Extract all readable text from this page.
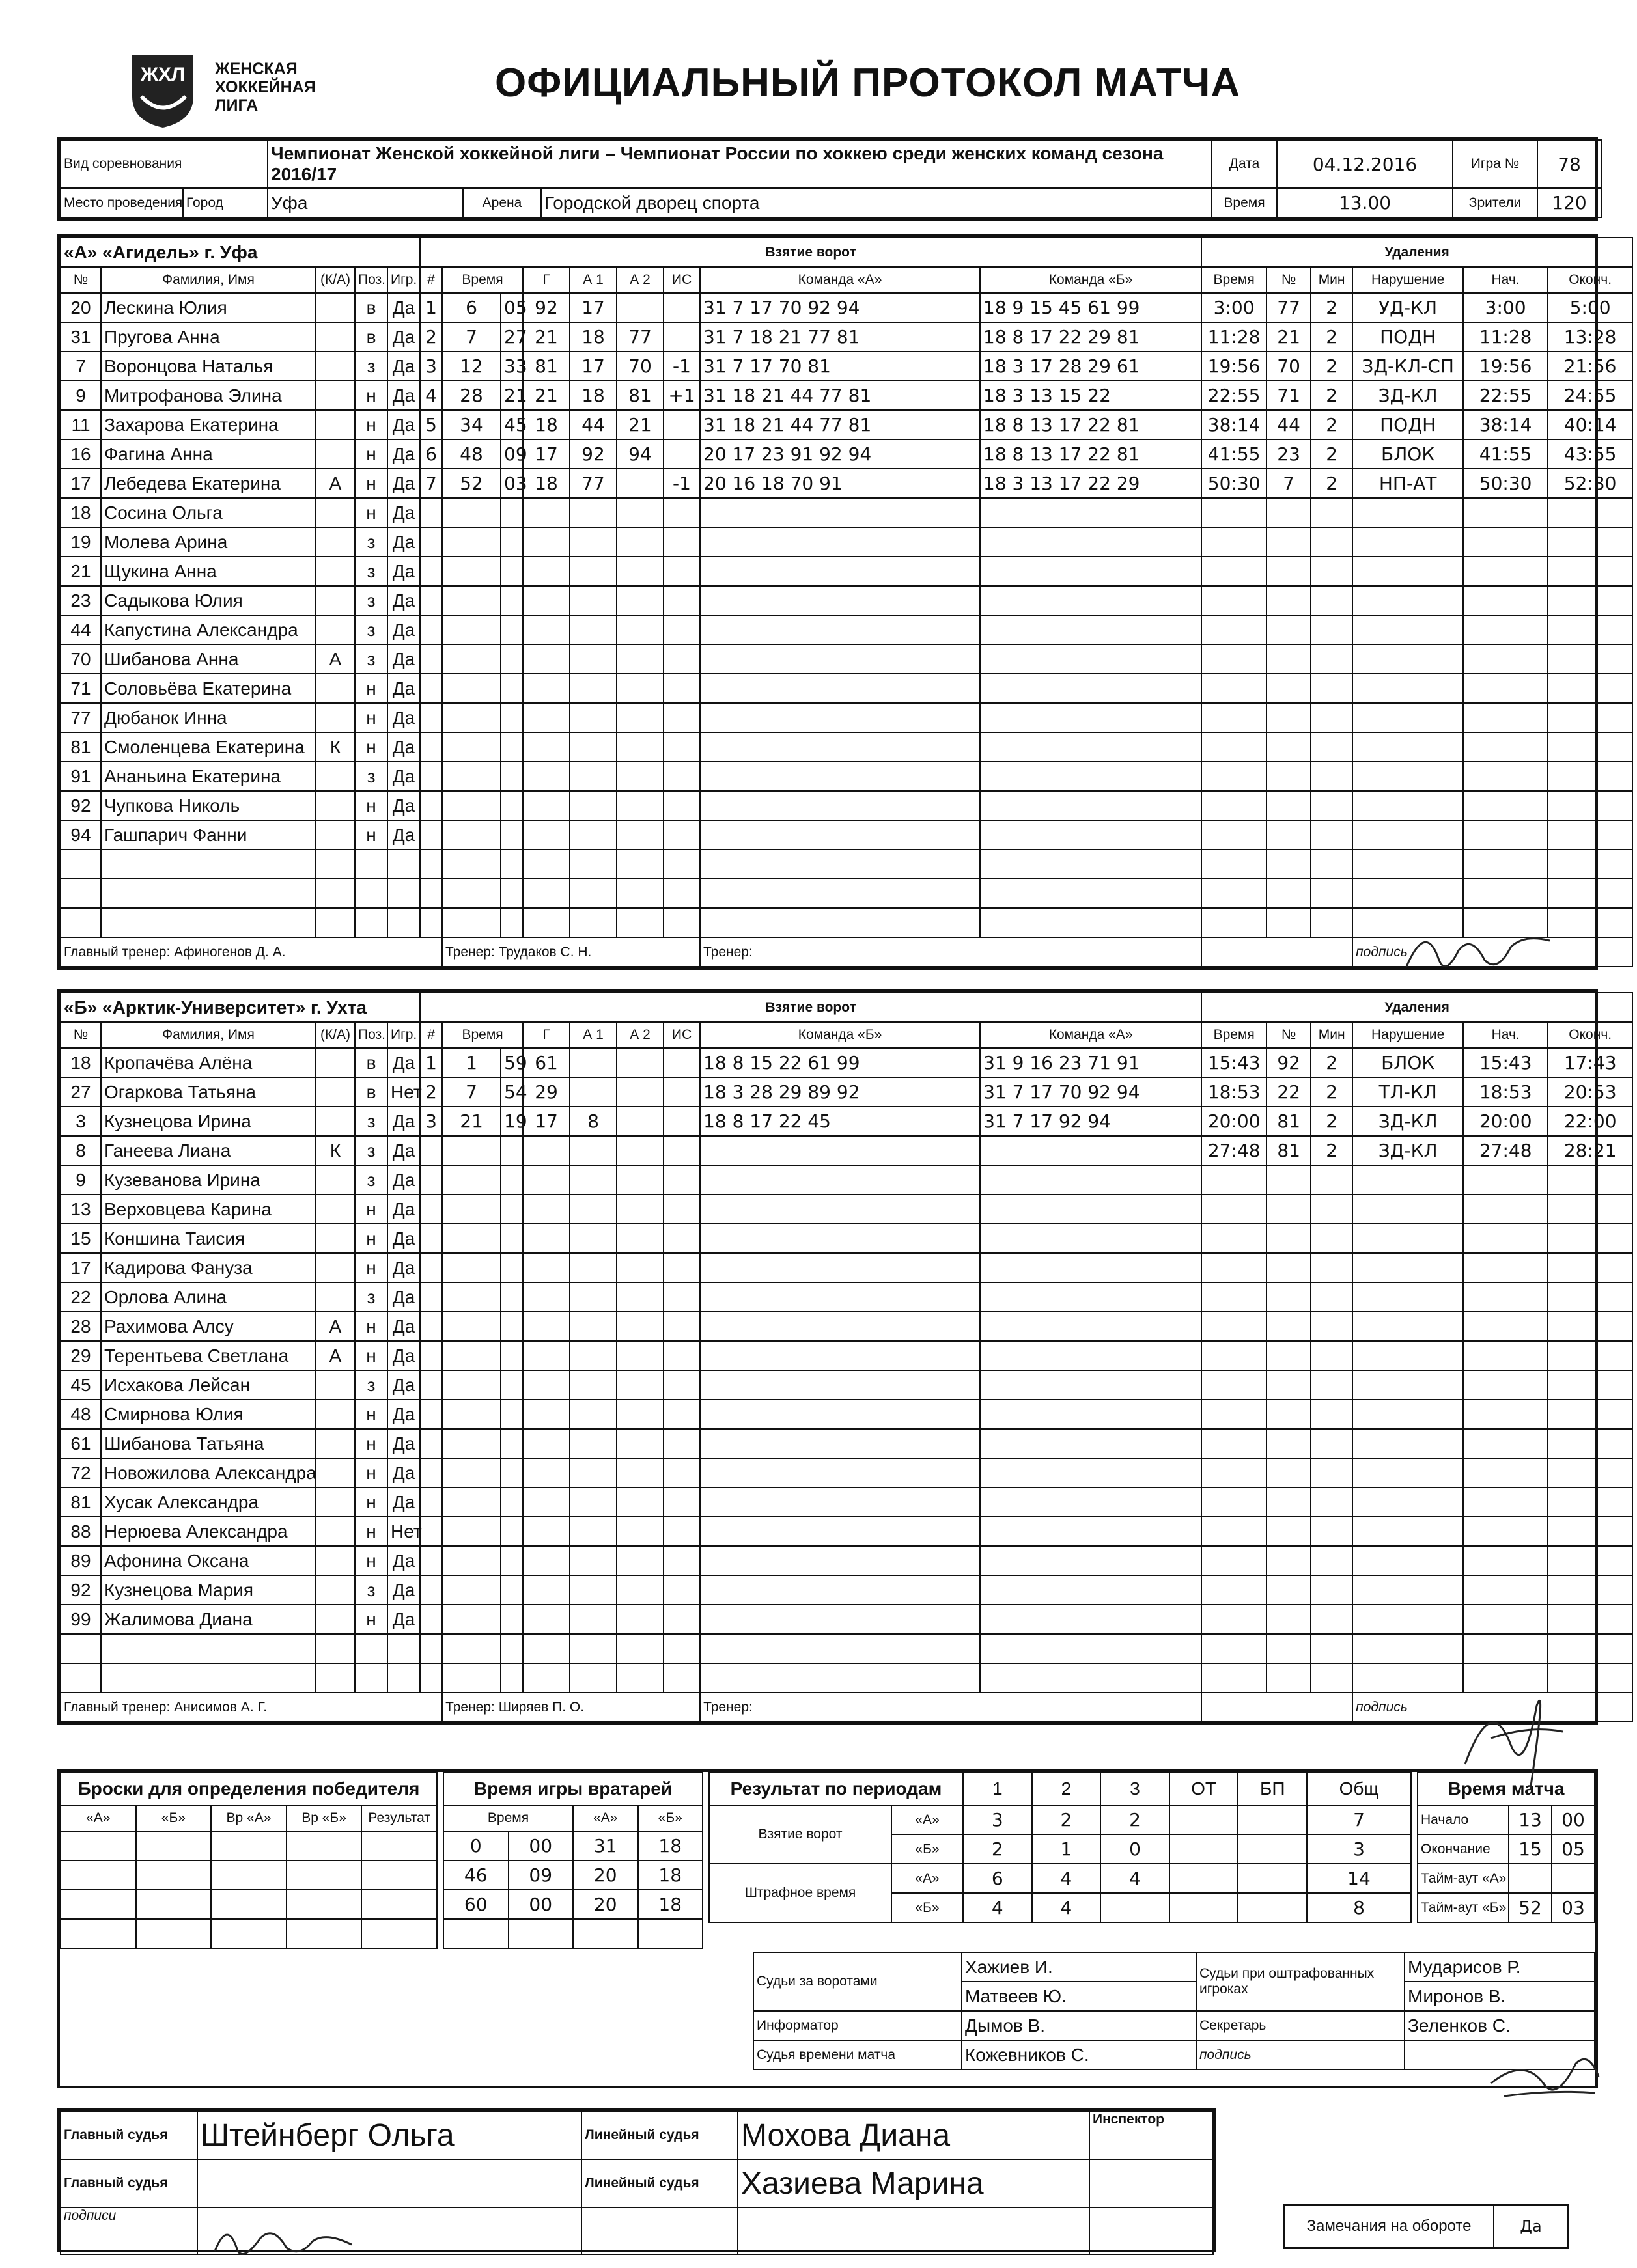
ЖХЛ ЖЕНСКАЯ
ХОККЕЙНАЯ
ЛИГА	ОФИЦИАЛЬНЫЙ ПРОТОКОЛ МАТЧА
Вид соревнования		Чемпионат Женской хоккейной лиги – Чемпионат России по хоккею среди женских команд сезона 2016/17			Дата	04.12.2016	Игра №	78
Место проведения	Город	Уфа	Арена	Городской дворец спорта	Время	13.00	Зрители	120
«А» «Агидель» г. Уфа					Взятие ворот									Удаления					
№	Фамилия, Имя	(К/А)	Поз.	Игр.	#	Время		Г	А 1	А 2	ИС	Команда «А»	Команда «Б»	Время	№	Мин	Нарушение	Нач.	Оконч.
20	Лескина Юлия		в	Да	1	6	05	92	17			31 7 17 70 92 94	18 9 15 45 61 99	3:00	77	2	УД-КЛ	3:00	5:00
31	Пругова Анна		в	Да	2	7	27	21	18	77		31 7 18 21 77 81	18 8 17 22 29 81	11:28	21	2	ПОДН	11:28	13:28
7	Воронцова Наталья		з	Да	3	12	33	81	17	70	-1	31 7 17 70 81	18 3 17 28 29 61	19:56	70	2	ЗД-КЛ-СП	19:56	21:56
9	Митрофанова Элина		н	Да	4	28	21	21	18	81	+1	31 18 21 44 77 81	18 3 13 15 22	22:55	71	2	ЗД-КЛ	22:55	24:55
11	Захарова Екатерина		н	Да	5	34	45	18	44	21		31 18 21 44 77 81	18 8 13 17 22 81	38:14	44	2	ПОДН	38:14	40:14
16	Фагина Анна		н	Да	6	48	09	17	92	94		20 17 23 91 92 94	18 8 13 17 22 81	41:55	23	2	БЛОК	41:55	43:55
17	Лебедева Екатерина	А	н	Да	7	52	03	18	77		-1	20 16 18 70 91	18 3 13 17 22 29	50:30	7	2	НП-АТ	50:30	52:30
18	Сосина Ольга		н	Да															
19	Молева Арина		з	Да															
21	Щукина Анна		з	Да															
23	Садыкова Юлия		з	Да															
44	Капустина Александра		з	Да															
70	Шибанова Анна	А	з	Да															
71	Соловьёва Екатерина		н	Да															
77	Дюбанок Инна		н	Да															
81	Смоленцева Екатерина	К	н	Да															
91	Ананьина Екатерина		з	Да															
92	Чупкова Николь		н	Да															
94	Гашпарич Фанни		н	Да															

Главный тренер: Афиногенов Д. А.						Тренер: Трудаков С. Н.						Тренер:					подпись		
«Б» «Арктик-Университет» г. Ухта					Взятие ворот									Удаления					
№	Фамилия, Имя	(К/А)	Поз.	Игр.	#	Время		Г	А 1	А 2	ИС	Команда «Б»	Команда «А»	Время	№	Мин	Нарушение	Нач.	Оконч.
18	Кропачёва Алёна		в	Да	1	1	59	61				18 8 15 22 61 99	31 9 16 23 71 91	15:43	92	2	БЛОК	15:43	17:43
27	Огаркова Татьяна		в	Нет	2	7	54	29				18 3 28 29 89 92	31 7 17 70 92 94	18:53	22	2	ТЛ-КЛ	18:53	20:53
3	Кузнецова Ирина		з	Да	3	21	19	17	8			18 8 17 22 45	31 7 17 92 94	20:00	81	2	ЗД-КЛ	20:00	22:00
8	Ганеева Лиана	К	з	Да										27:48	81	2	ЗД-КЛ	27:48	28:21
9	Кузеванова Ирина		з	Да															
13	Верховцева Карина		н	Да															
15	Коншина Таисия		н	Да															
17	Кадирова Фануза		н	Да															
22	Орлова Алина		з	Да															
28	Рахимова Алсу	А	н	Да															
29	Терентьева Светлана	А	н	Да															
45	Исхакова Лейсан		з	Да															
48	Смирнова Юлия		н	Да															
61	Шибанова Татьяна		н	Да															
72	Новожилова Александра		н	Да															
81	Хусак Александра		н	Да															
88	Нерюева Александра		н	Нет															
89	Афонина Оксана		н	Да															
92	Кузнецова Мария		з	Да															
99	Жалимова Диана		н	Да															

Главный тренер: Анисимов А. Г.						Тренер: Ширяев П. О.						Тренер:					подпись		
Броски для определения победителя				
«А»	«Б»	Вр «А»	Вр «Б»	Результат

Время игры вратарей			
Время		«А»	«Б»
0	00	31	18
46	09	20	18
60	00	20	18

Результат по периодам		1	2	3	ОТ	БП	Общ
Взятие ворот	«А»	3	2	2			7
	«Б»	2	1	0			3
Штрафное время	«А»	6	4	4			14
	«Б»	4	4				8
Время матча		
Начало	13	00
Окончание	15	05
Тайм-аут «А»		
Тайм-аут «Б»	52	03
Судьи за воротами	Хажиев И.	Судьи при оштрафованных игроках	Мударисов Р.
	Матвеев Ю.		Миронов В.
Информатор	Дымов В.	Секретарь	Зеленков С.
Судья времени матча	Кожевников С.	подпись	
Главный судья	Штейнберг Ольга	Линейный судья	Мохова Диана	Инспектор
Главный судья		Линейный судья	Хазиева Марина	
подписи				
Замечания на обороте	Да
